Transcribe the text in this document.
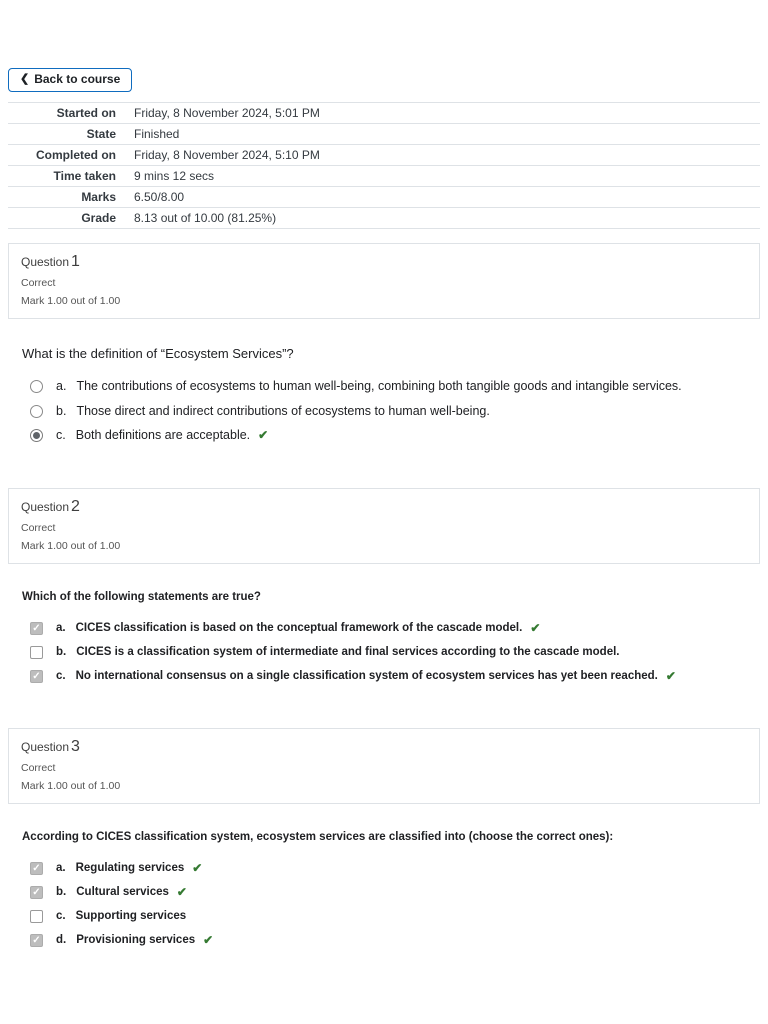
❮ Back to course
Started on	Friday, 8 November 2024, 5:01 PM
State	Finished
Completed on	Friday, 8 November 2024, 5:10 PM
Time taken	9 mins 12 secs
Marks	6.50/8.00
Grade	8.13 out of 10.00 (81.25%)
Question 1
Correct
Mark 1.00 out of 1.00
What is the definition of “Ecosystem Services”?
a. The contributions of ecosystems to human well-being, combining both tangible goods and intangible services.
b. Those direct and indirect contributions of ecosystems to human well-being.
c. Both definitions are acceptable. ✔
Question 2
Correct
Mark 1.00 out of 1.00
Which of the following statements are true?
✓
a. CICES classification is based on the conceptual framework of the cascade model. ✔
b. CICES is a classification system of intermediate and final services according to the cascade model.
✓
c. No international consensus on a single classification system of ecosystem services has yet been reached. ✔
Question 3
Correct
Mark 1.00 out of 1.00
According to CICES classification system, ecosystem services are classified into (choose the correct ones):
✓
a. Regulating services ✔
✓
b. Cultural services ✔
c. Supporting services
✓
d. Provisioning services ✔
